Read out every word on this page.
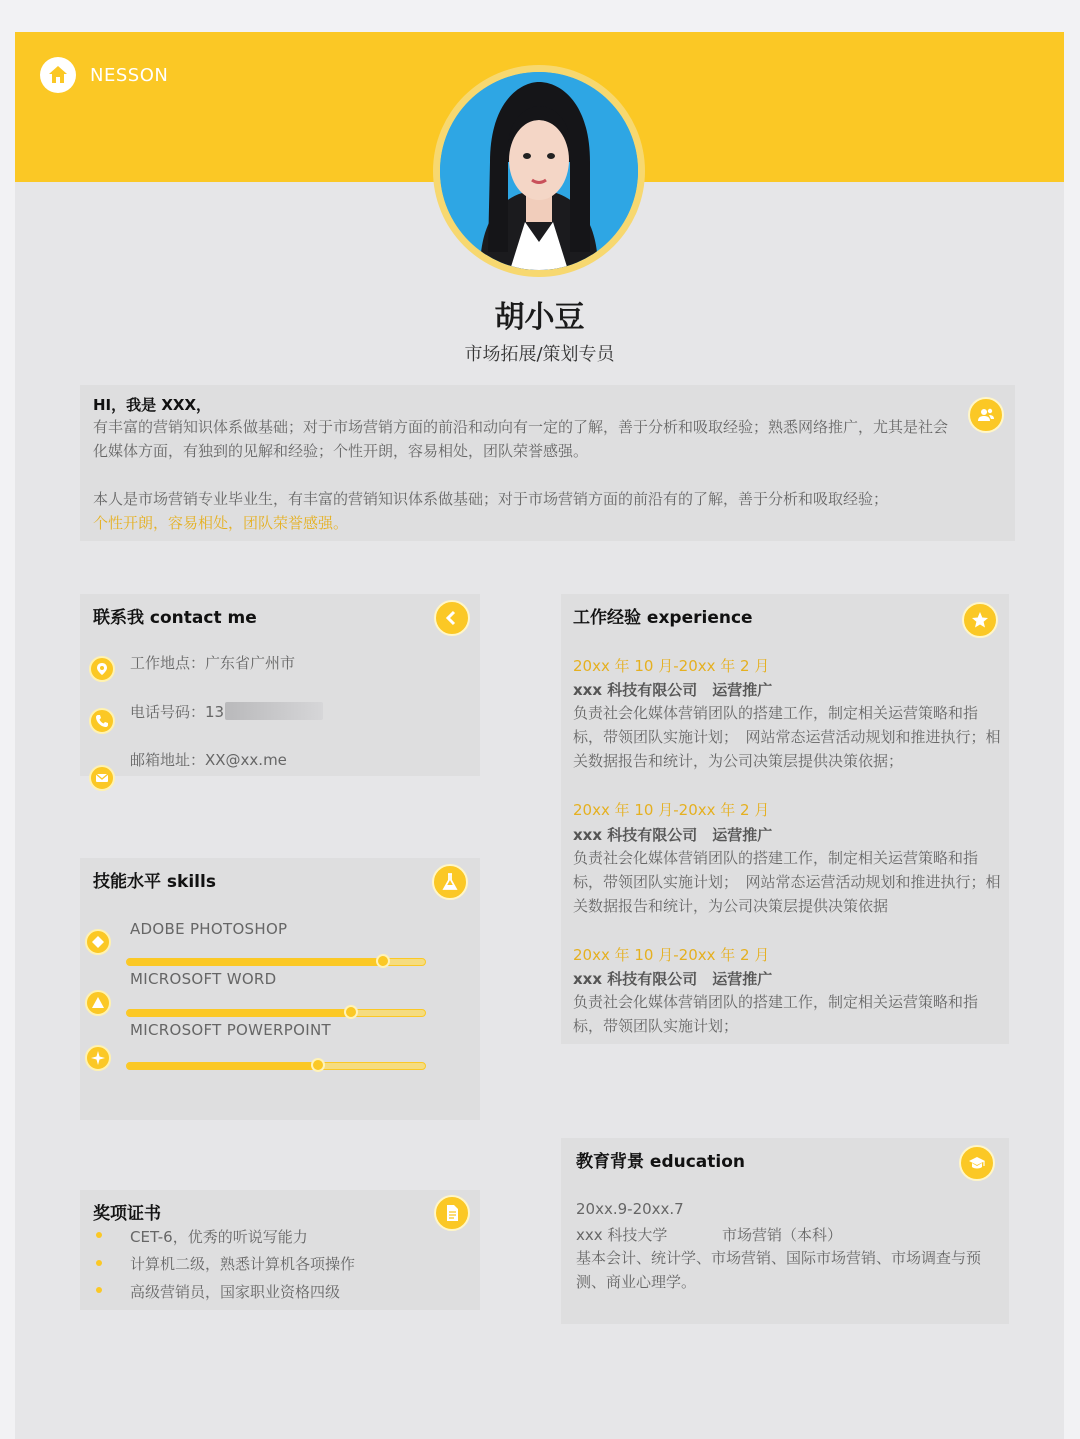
NESSON
胡小豆
市场拓展/策划专员
HI，我是 XXX，

有丰富的营销知识体系做基础；对于市场营销方面的前沿和动向有一定的了解，善于分析和吸取经验；熟悉网络推广，尤其是社会化媒体方面，有独到的见解和经验；个性开朗，容易相处，团队荣誉感强。

本人是市场营销专业毕业生，有丰富的营销知识体系做基础；对于市场营销方面的前沿有的了解，善于分析和吸取经验；
个性开朗，容易相处，团队荣誉感强。

联系我 contact me
工作地点：广东省广州市
电话号码：13
邮箱地址：XX@xx.me
技能水平 skills
ADOBE PHOTOSHOP
MICROSOFT WORD
MICROSOFT POWERPOINT
奖项证书
CET-6，优秀的听说写能力
计算机二级，熟悉计算机各项操作
高级营销员，国家职业资格四级
工作经验 experience
20xx 年 10 月-20xx 年 2 月
xxx 科技有限公司　运营推广
负责社会化媒体营销团队的搭建工作，制定相关运营策略和指标，带领团队实施计划；　网站常态运营活动规划和推进执行；相关数据报告和统计，为公司决策层提供决策依据；
20xx 年 10 月-20xx 年 2 月
xxx 科技有限公司　运营推广
负责社会化媒体营销团队的搭建工作，制定相关运营策略和指标，带领团队实施计划；　网站常态运营活动规划和推进执行；相关数据报告和统计，为公司决策层提供决策依据
20xx 年 10 月-20xx 年 2 月
xxx 科技有限公司　运营推广
负责社会化媒体营销团队的搭建工作，制定相关运营策略和指标，带领团队实施计划；
教育背景 education
20xx.9-20xx.7
xxx 科技大学	市场营销（本科）
基本会计、统计学、市场营销、国际市场营销、市场调查与预测、商业心理学。
